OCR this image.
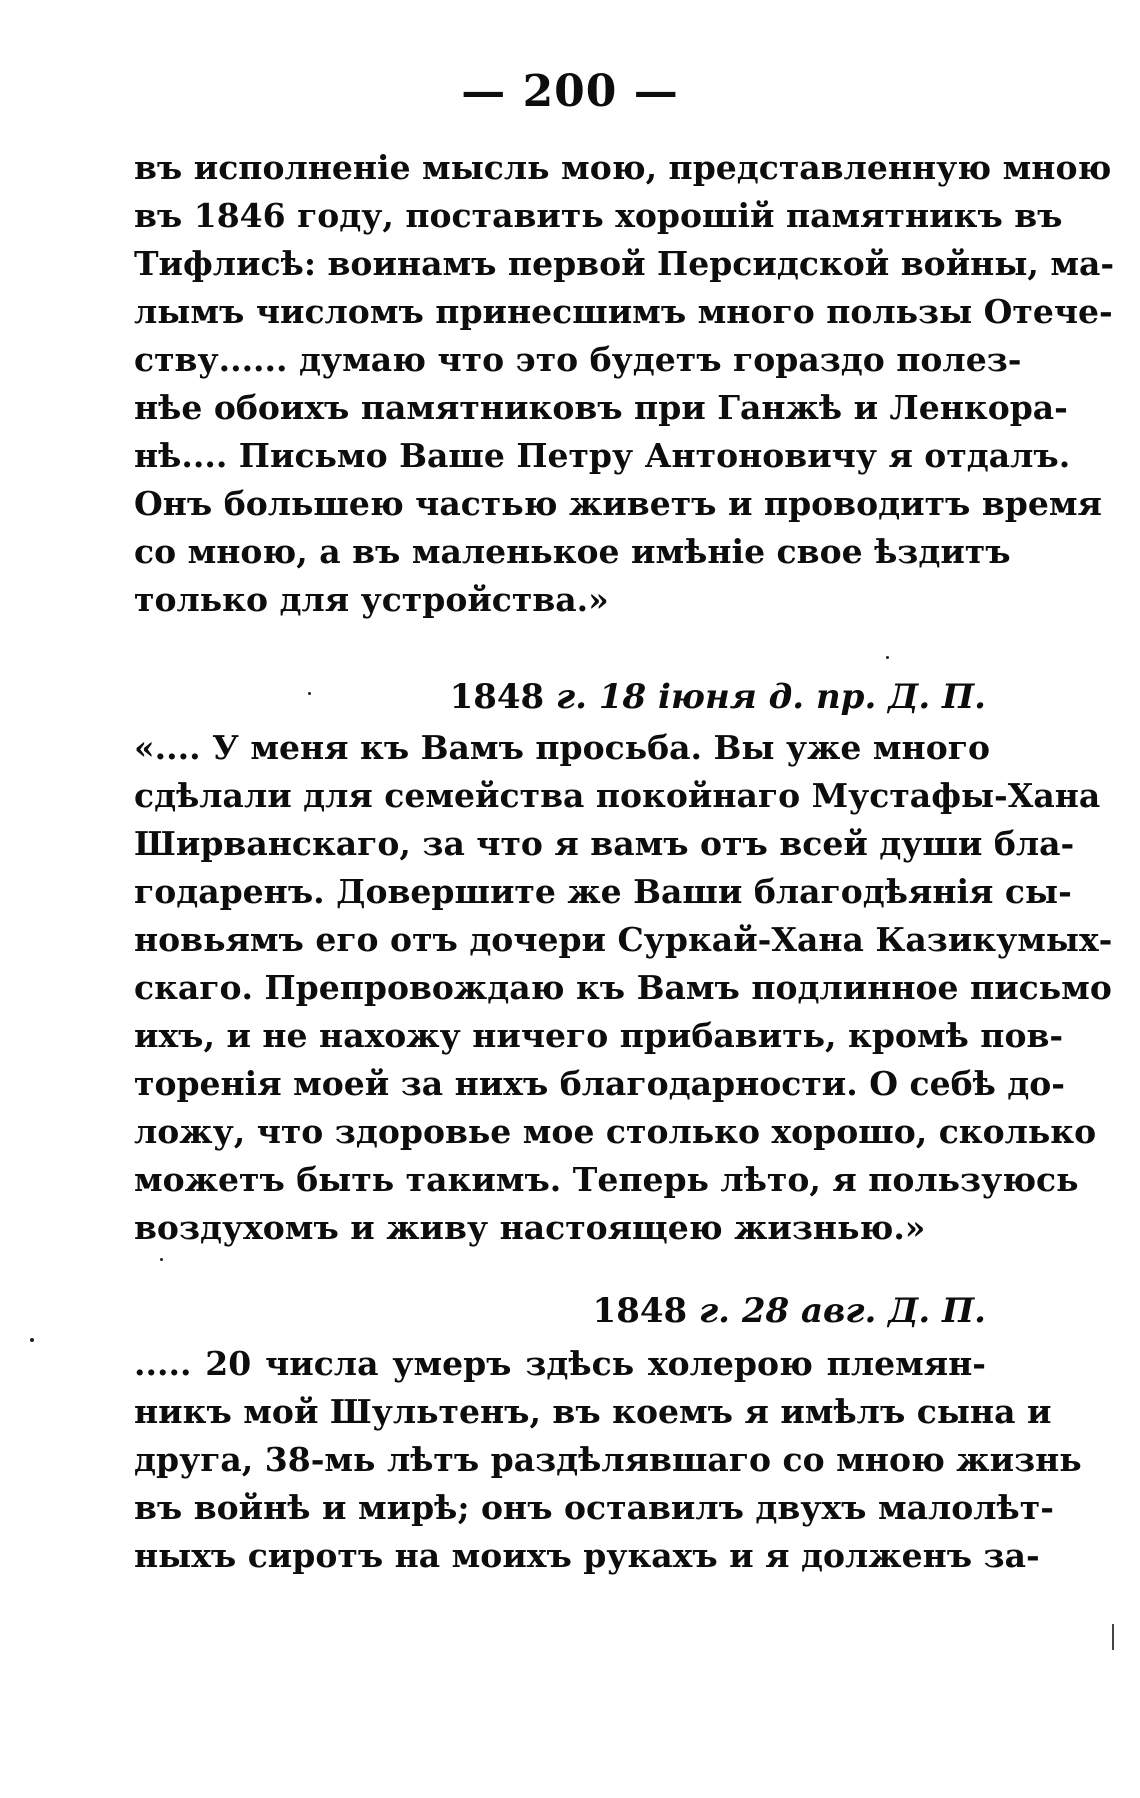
— 200 —
въ исполненіе мысль мою, представленную мною
въ 1846 году, поставить хорошій памятникъ въ
Тифлисѣ: воинамъ первой Персидской войны, ма-
лымъ числомъ принесшимъ много пользы Отече-
ству...... думаю что это будетъ гораздо полез-
нѣе обоихъ памятниковъ при Ганжѣ и Ленкора-
нѣ.... Письмо Ваше Петру Антоновичу я отдалъ.
Онъ большею частью живетъ и проводитъ время
со мною, а въ маленькое имѣніе свое ѣздитъ
только для устройства.»
1848 г. 18 іюня д. пр. Д. П.
«.... У меня къ Вамъ просьба. Вы уже много
сдѣлали для семейства покойнаго Мустафы-Хана
Ширванскаго, за что я вамъ отъ всей души бла-
годаренъ. Довершите же Ваши благодѣянія сы-
новьямъ его отъ дочери Суркай-Хана Казикумых-
скаго. Препровождаю къ Вамъ подлинное письмо
ихъ, и не нахожу ничего прибавить, кромѣ пов-
торенія моей за нихъ благодарности. О себѣ до-
ложу, что здоровье мое столько хорошо, сколько
можетъ быть такимъ. Теперь лѣто, я пользуюсь
воздухомъ и живу настоящею жизнью.»
1848 г. 28 авг. Д. П.
..... 20 числа умеръ здѣсь холерою племян-
никъ мой Шультенъ, въ коемъ я имѣлъ сына и
друга, 38-мь лѣтъ раздѣлявшаго со мною жизнь
въ войнѣ и мирѣ; онъ оставилъ двухъ малолѣт-
ныхъ сиротъ на моихъ рукахъ и я долженъ за-
